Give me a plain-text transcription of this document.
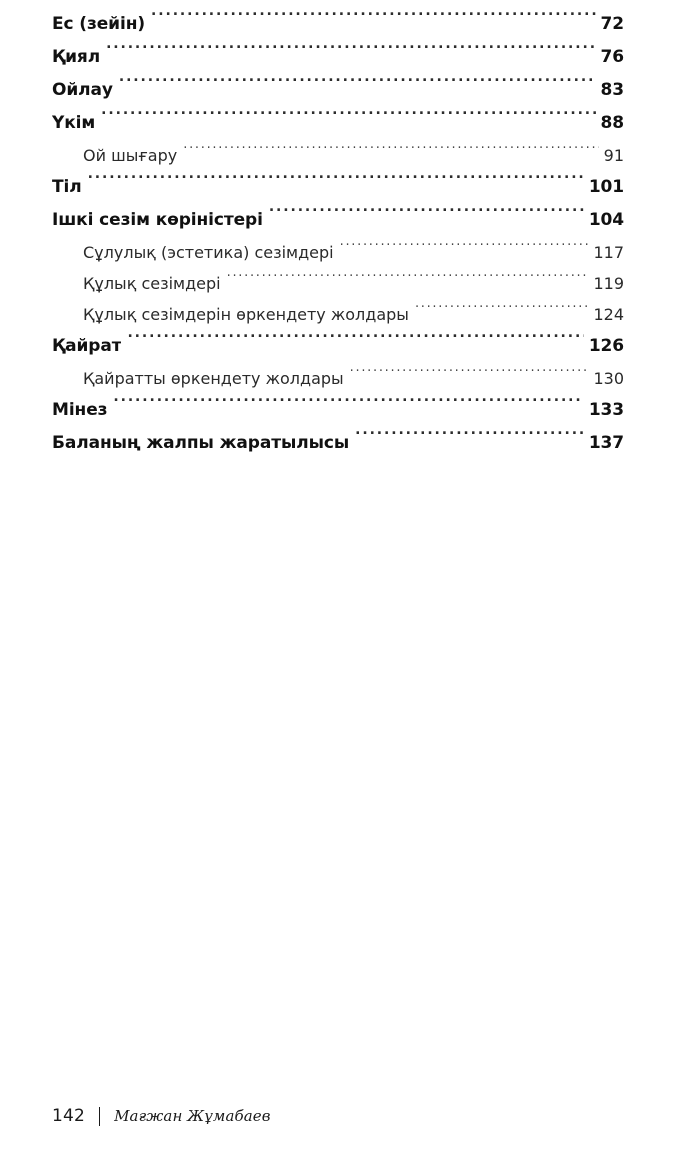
Ес (зейін) .....	72
Қиял .....	76
Ойлау .....	83
Үкім .....	88
Ой шығару .....	91
Тіл .....	101
Ішкі сезім көріністері .....	104
Сұлулық (эстетика) сезімдері .....	117
Құлық сезімдері .....	119
Құлық сезімдерін өркендету жолдары .....	124
Қайрат .....	126
Қайратты өркендету жолдары .....	130
Мінез .....	133
Баланың жалпы жаратылысы .....	137
142 Мағжан Жұмабаев
